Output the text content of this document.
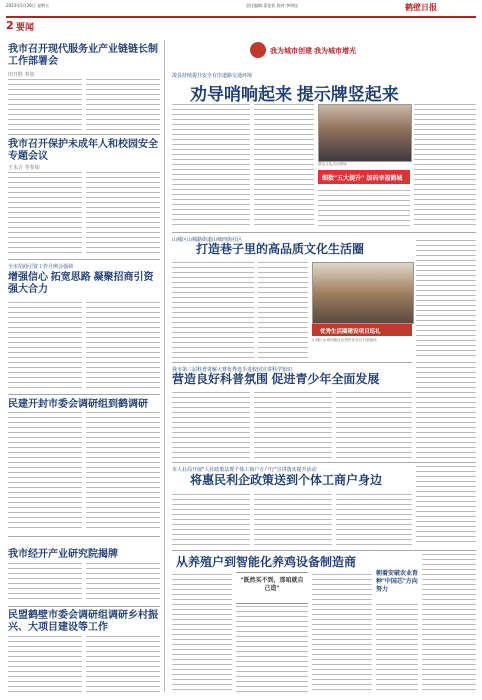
2023年5月26日 星期五	责任编辑:姜佳钦 校对:李明钰	鹤壁日报
2 要闻
我市召开现代服务业产业链链长制工作部署会
田开胜 参加
我市召开保护未成年人和校园安全专题会议
王永吉 等参加
全市招商引资工作月例会强调
增强信心 拓宽思路 凝聚招商引资强大合力
民建开封市委会调研组到鹤调研
我市经开产业研究院揭牌
民盟鹤壁市委会调研组调研乡村振兴、大项目建设等工作
我为城市创建 我为城市增光
浚县持续提升安全有序道路交通环境
劝导哨响起来 提示牌竖起来
群众文化活动现场
细数"五大提升" 加码幸福鹤城
山城区山城路街道山城西街社区
打造巷子里的高品质文化生活圈
优秀生活圈建设项目巡礼
山城区山城西街社区居民在社区书屋阅读
我市第二届科普讲解大赛优秀选手进校园宣讲科学知识
营造良好科普氛围 促进青少年全面发展
市人社局开展"人社政策法规个体工商户万户行"宣讲落实提升活动
将惠民利企政策送到个体工商户身边
从养殖户到智能化养鸡设备制造商
"既然买不到，那咱就自己造"
朝着安破农业育种"中国芯"方向努力
